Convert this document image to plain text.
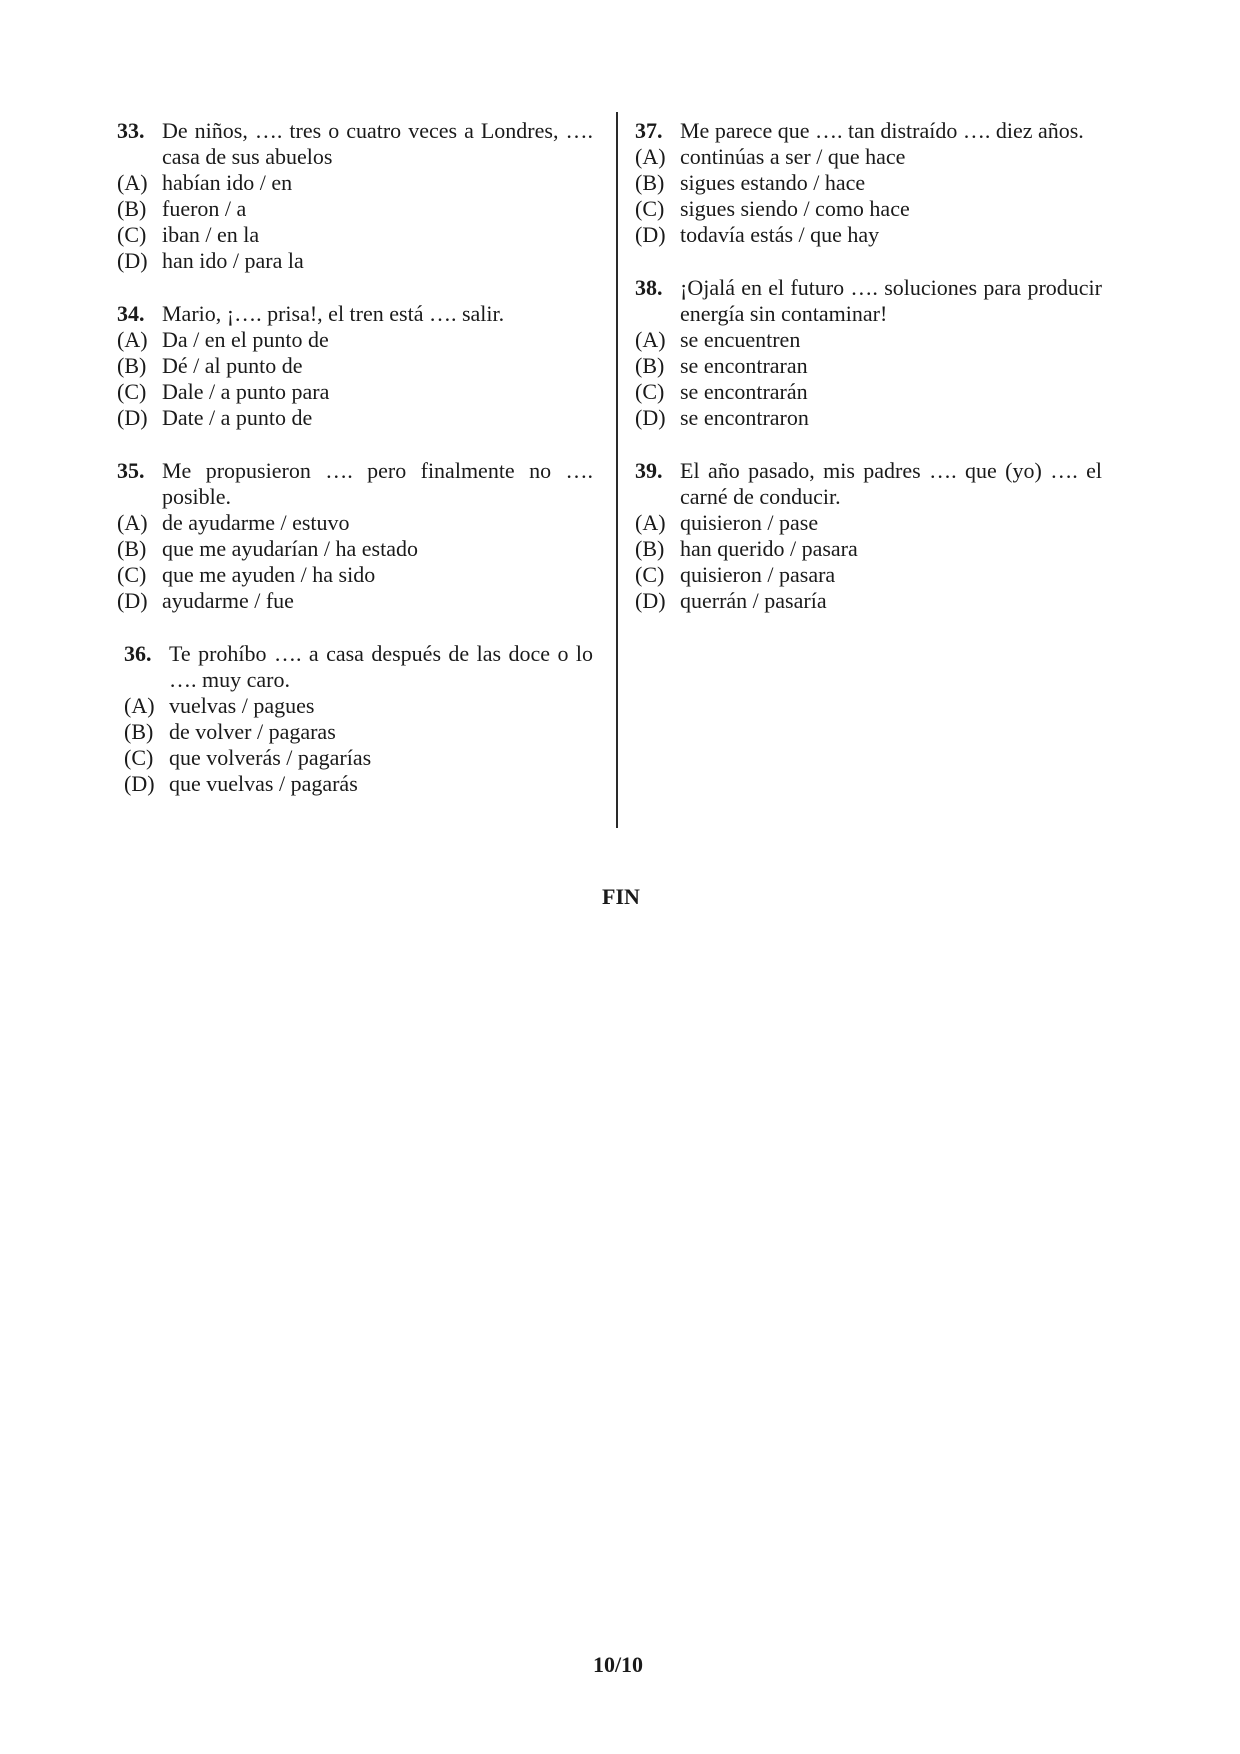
33. De niños, …. tres o cuatro veces a Londres, …. casa de sus abuelos
(A) habían ido / en
(B) fueron / a
(C) iban / en la
(D) han ido / para la
34. Mario, ¡…. prisa!, el tren está …. salir.
(A) Da / en el punto de
(B) Dé / al punto de
(C) Dale / a punto para
(D) Date / a punto de
35. Me propusieron …. pero finalmente no …. posible.
(A) de ayudarme / estuvo
(B) que me ayudarían / ha estado
(C) que me ayuden / ha sido
(D) ayudarme / fue
36. Te prohíbo …. a casa después de las doce o lo …. muy caro.
(A) vuelvas / pagues
(B) de volver / pagaras
(C) que volverás / pagarías
(D) que vuelvas / pagarás
37. Me parece que …. tan distraído …. diez años.
(A) continúas a ser / que hace
(B) sigues estando / hace
(C) sigues siendo / como hace
(D) todavía estás / que hay
38. ¡Ojalá en el futuro …. soluciones para producir energía sin contaminar!
(A) se encuentren
(B) se encontraran
(C) se encontrarán
(D) se encontraron
39. El año pasado, mis padres …. que (yo) …. el carné de conducir.
(A) quisieron / pase
(B) han querido / pasara
(C) quisieron / pasara
(D) querrán / pasaría
FIN
10/10
